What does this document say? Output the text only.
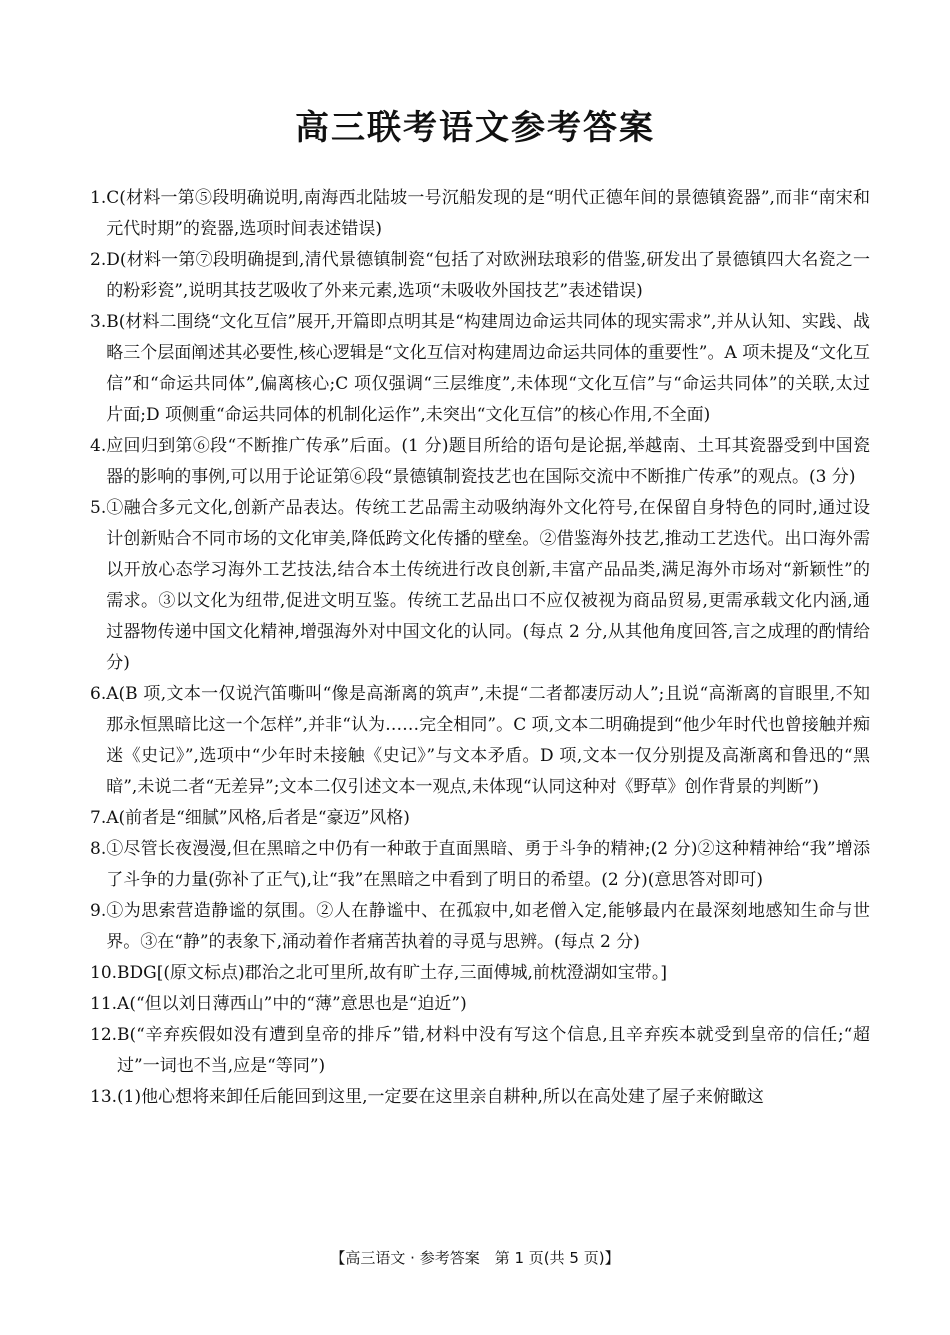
高三联考语文参考答案
1. C(材料一第⑤段明确说明,南海西北陆坡一号沉船发现的是“明代正德年间的景德镇瓷器”,而非“南宋和元代时期”的瓷器,选项时间表述错误)
2. D(材料一第⑦段明确提到,清代景德镇制瓷“包括了对欧洲珐琅彩的借鉴,研发出了景德镇四大名瓷之一的粉彩瓷”,说明其技艺吸收了外来元素,选项“未吸收外国技艺”表述错误)
3. B(材料二围绕“文化互信”展开,开篇即点明其是“构建周边命运共同体的现实需求”,并从认知、实践、战略三个层面阐述其必要性,核心逻辑是“文化互信对构建周边命运共同体的重要性”。A 项未提及“文化互信”和“命运共同体”,偏离核心;C 项仅强调“三层维度”,未体现“文化互信”与“命运共同体”的关联,太过片面;D 项侧重“命运共同体的机制化运作”,未突出“文化互信”的核心作用,不全面)
4. 应回归到第⑥段“不断推广传承”后面。(1 分)题目所给的语句是论据,举越南、土耳其瓷器受到中国瓷器的影响的事例,可以用于论证第⑥段“景德镇制瓷技艺也在国际交流中不断推广传承”的观点。(3 分)
5. ①融合多元文化,创新产品表达。传统工艺品需主动吸纳海外文化符号,在保留自身特色的同时,通过设计创新贴合不同市场的文化审美,降低跨文化传播的壁垒。②借鉴海外技艺,推动工艺迭代。出口海外需以开放心态学习海外工艺技法,结合本土传统进行改良创新,丰富产品品类,满足海外市场对“新颖性”的需求。③以文化为纽带,促进文明互鉴。传统工艺品出口不应仅被视为商品贸易,更需承载文化内涵,通过器物传递中国文化精神,增强海外对中国文化的认同。(每点 2 分,从其他角度回答,言之成理的酌情给分)
6. A(B 项,文本一仅说汽笛嘶叫“像是高渐离的筑声”,未提“二者都凄厉动人”;且说“高渐离的盲眼里,不知那永恒黑暗比这一个怎样”,并非“认为……完全相同”。C 项,文本二明确提到“他少年时代也曾接触并痴迷《史记》”,选项中“少年时未接触《史记》”与文本矛盾。D 项,文本一仅分别提及高渐离和鲁迅的“黑暗”,未说二者“无差异”;文本二仅引述文本一观点,未体现“认同这种对《野草》创作背景的判断”)
7. A(前者是“细腻”风格,后者是“豪迈”风格)
8. ①尽管长夜漫漫,但在黑暗之中仍有一种敢于直面黑暗、勇于斗争的精神;(2 分)②这种精神给“我”增添了斗争的力量(弥补了正气),让“我”在黑暗之中看到了明日的希望。(2 分)(意思答对即可)
9. ①为思索营造静谧的氛围。②人在静谧中、在孤寂中,如老僧入定,能够最内在最深刻地感知生命与世界。③在“静”的表象下,涌动着作者痛苦执着的寻觅与思辨。(每点 2 分)
10. BDG[(原文标点)郡治之北可里所,故有旷土存,三面傅城,前枕澄湖如宝带。]
11. A(“但以刘日薄西山”中的“薄”意思也是“迫近”)
12. B(“辛弃疾假如没有遭到皇帝的排斥”错,材料中没有写这个信息,且辛弃疾本就受到皇帝的信任;“超过”一词也不当,应是“等同”)
13. (1)他心想将来卸任后能回到这里,一定要在这里亲自耕种,所以在高处建了屋子来俯瞰这
【高三语文 · 参考答案　第 1 页(共 5 页)】
